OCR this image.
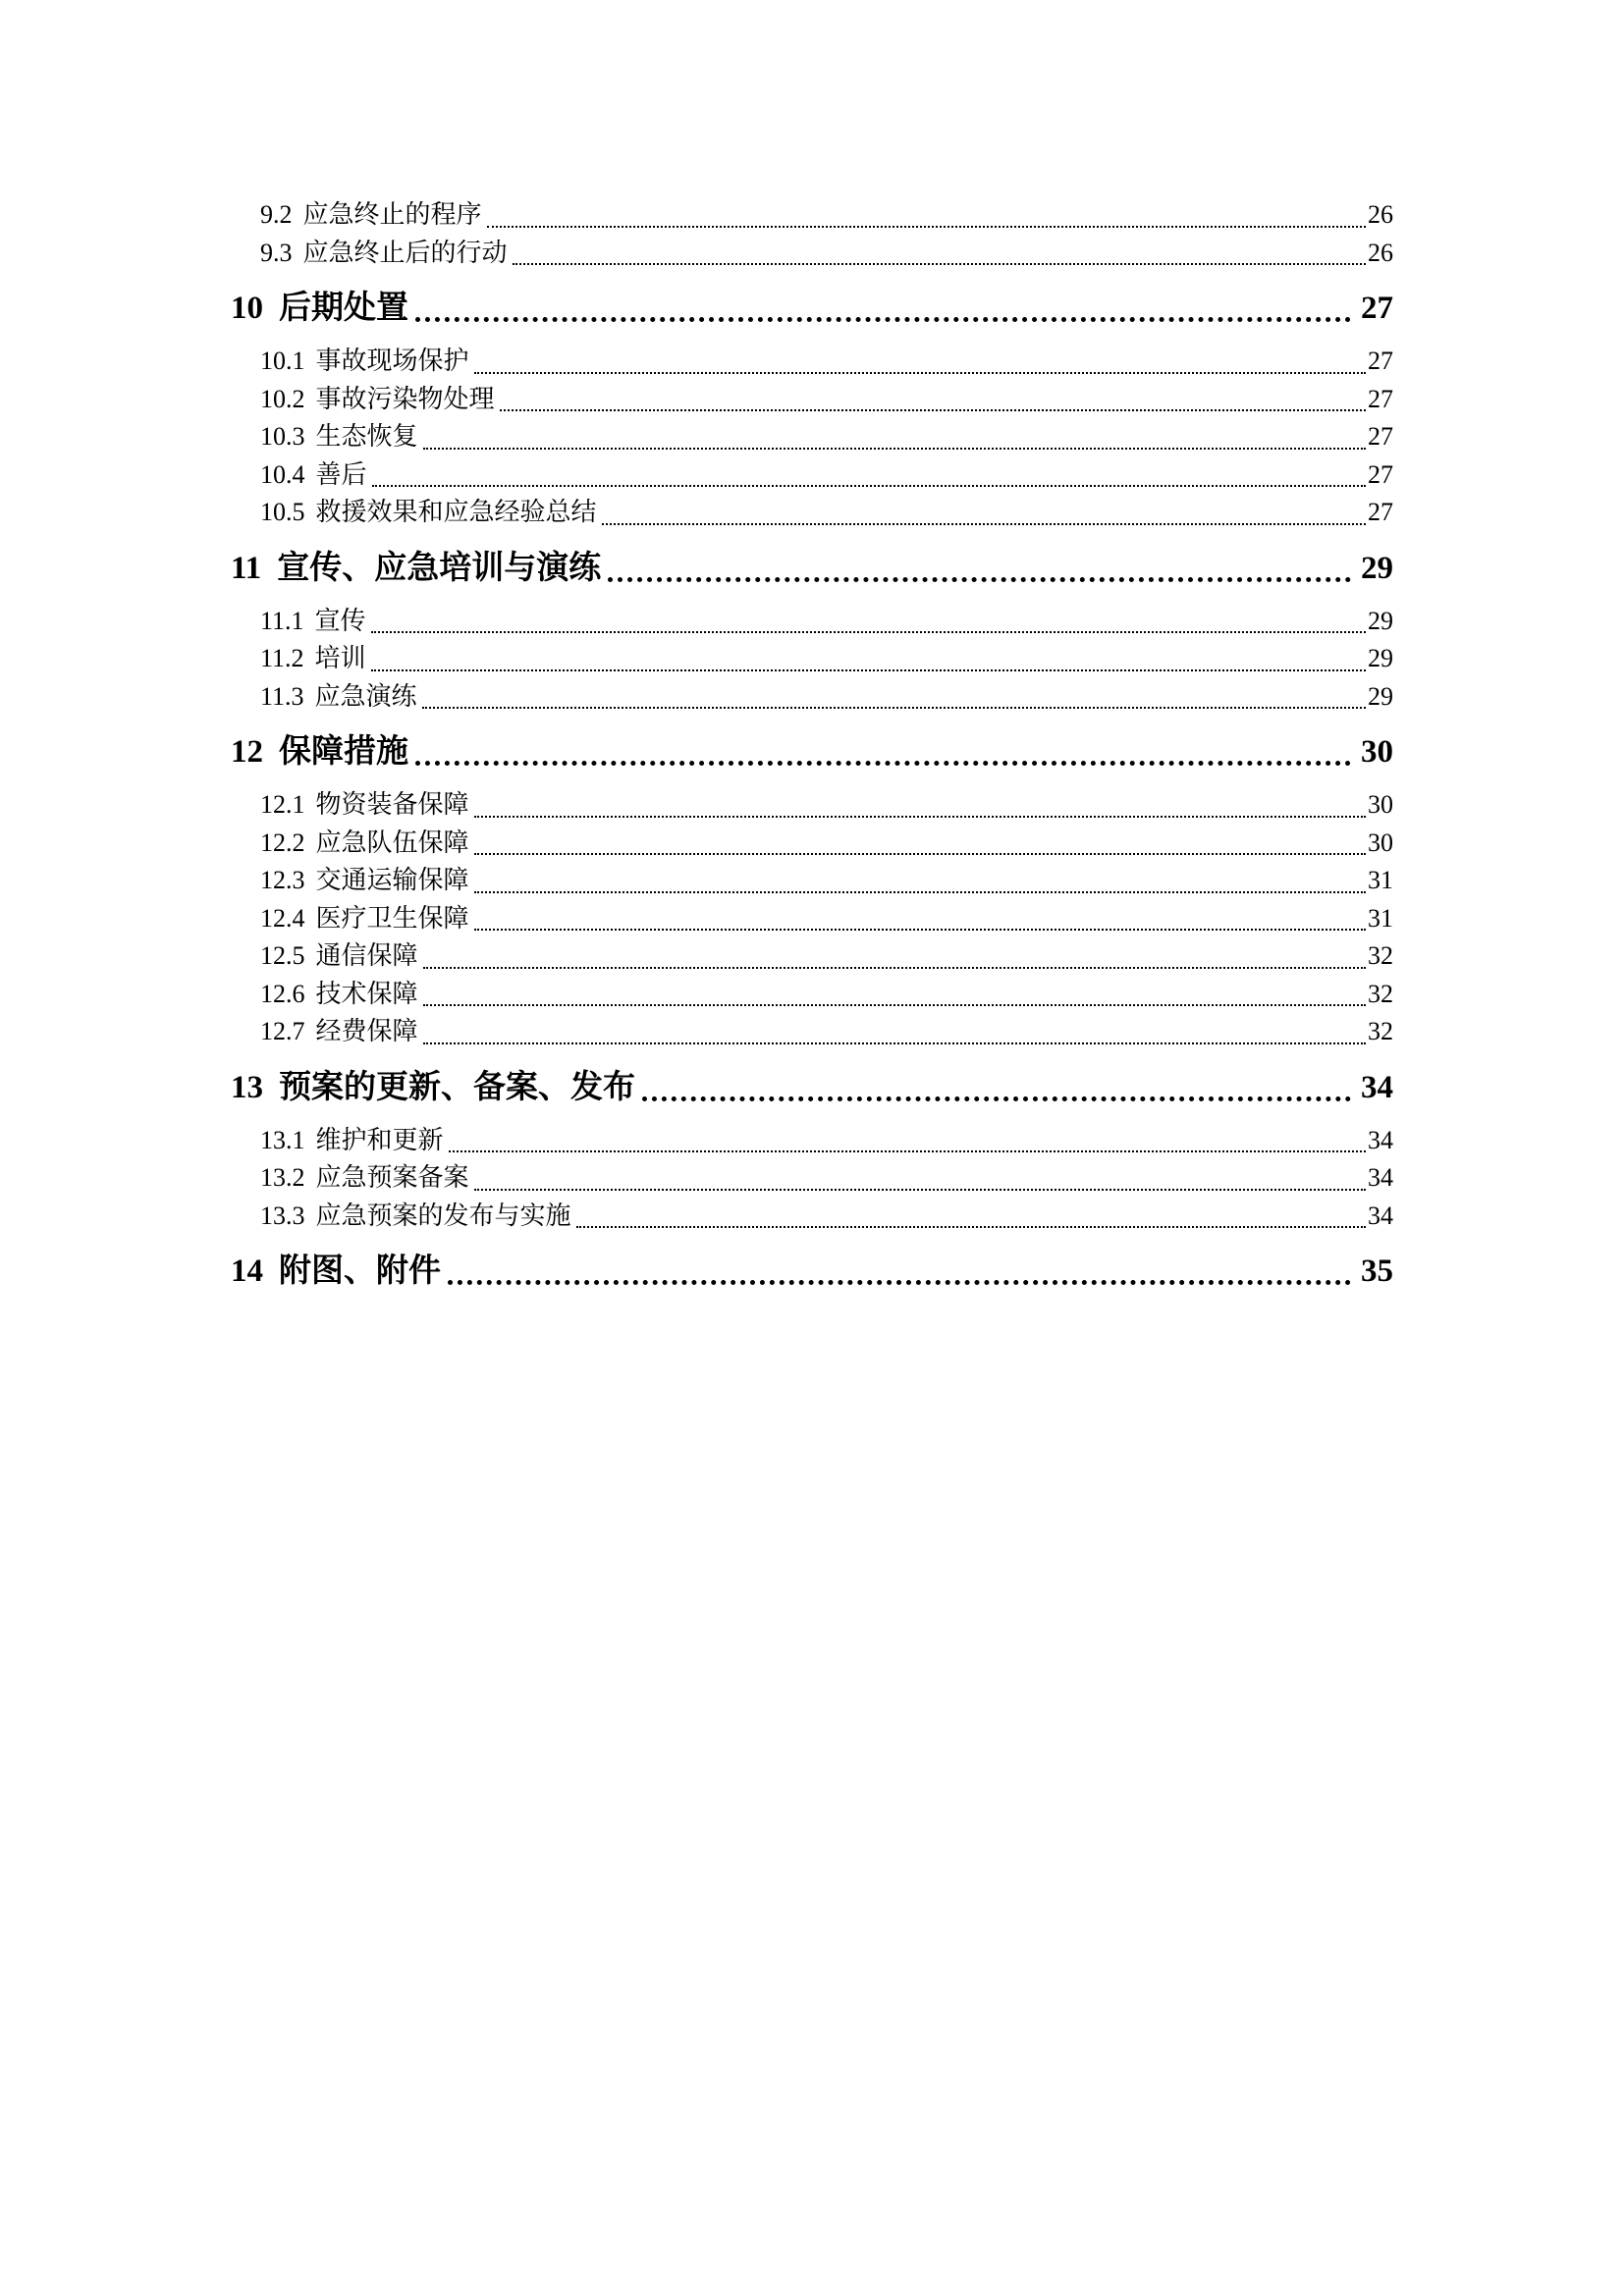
9.2 应急终止的程序	26
9.3 应急终止后的行动	26
10 后期处置	27
10.1 事故现场保护	27
10.2 事故污染物处理	27
10.3 生态恢复	27
10.4 善后	27
10.5 救援效果和应急经验总结	27
11 宣传、应急培训与演练	29
11.1 宣传	29
11.2 培训	29
11.3 应急演练	29
12 保障措施	30
12.1 物资装备保障	30
12.2 应急队伍保障	30
12.3 交通运输保障	31
12.4 医疗卫生保障	31
12.5 通信保障	32
12.6 技术保障	32
12.7 经费保障	32
13 预案的更新、备案、发布	34
13.1 维护和更新	34
13.2 应急预案备案	34
13.3 应急预案的发布与实施	34
14 附图、附件	35
